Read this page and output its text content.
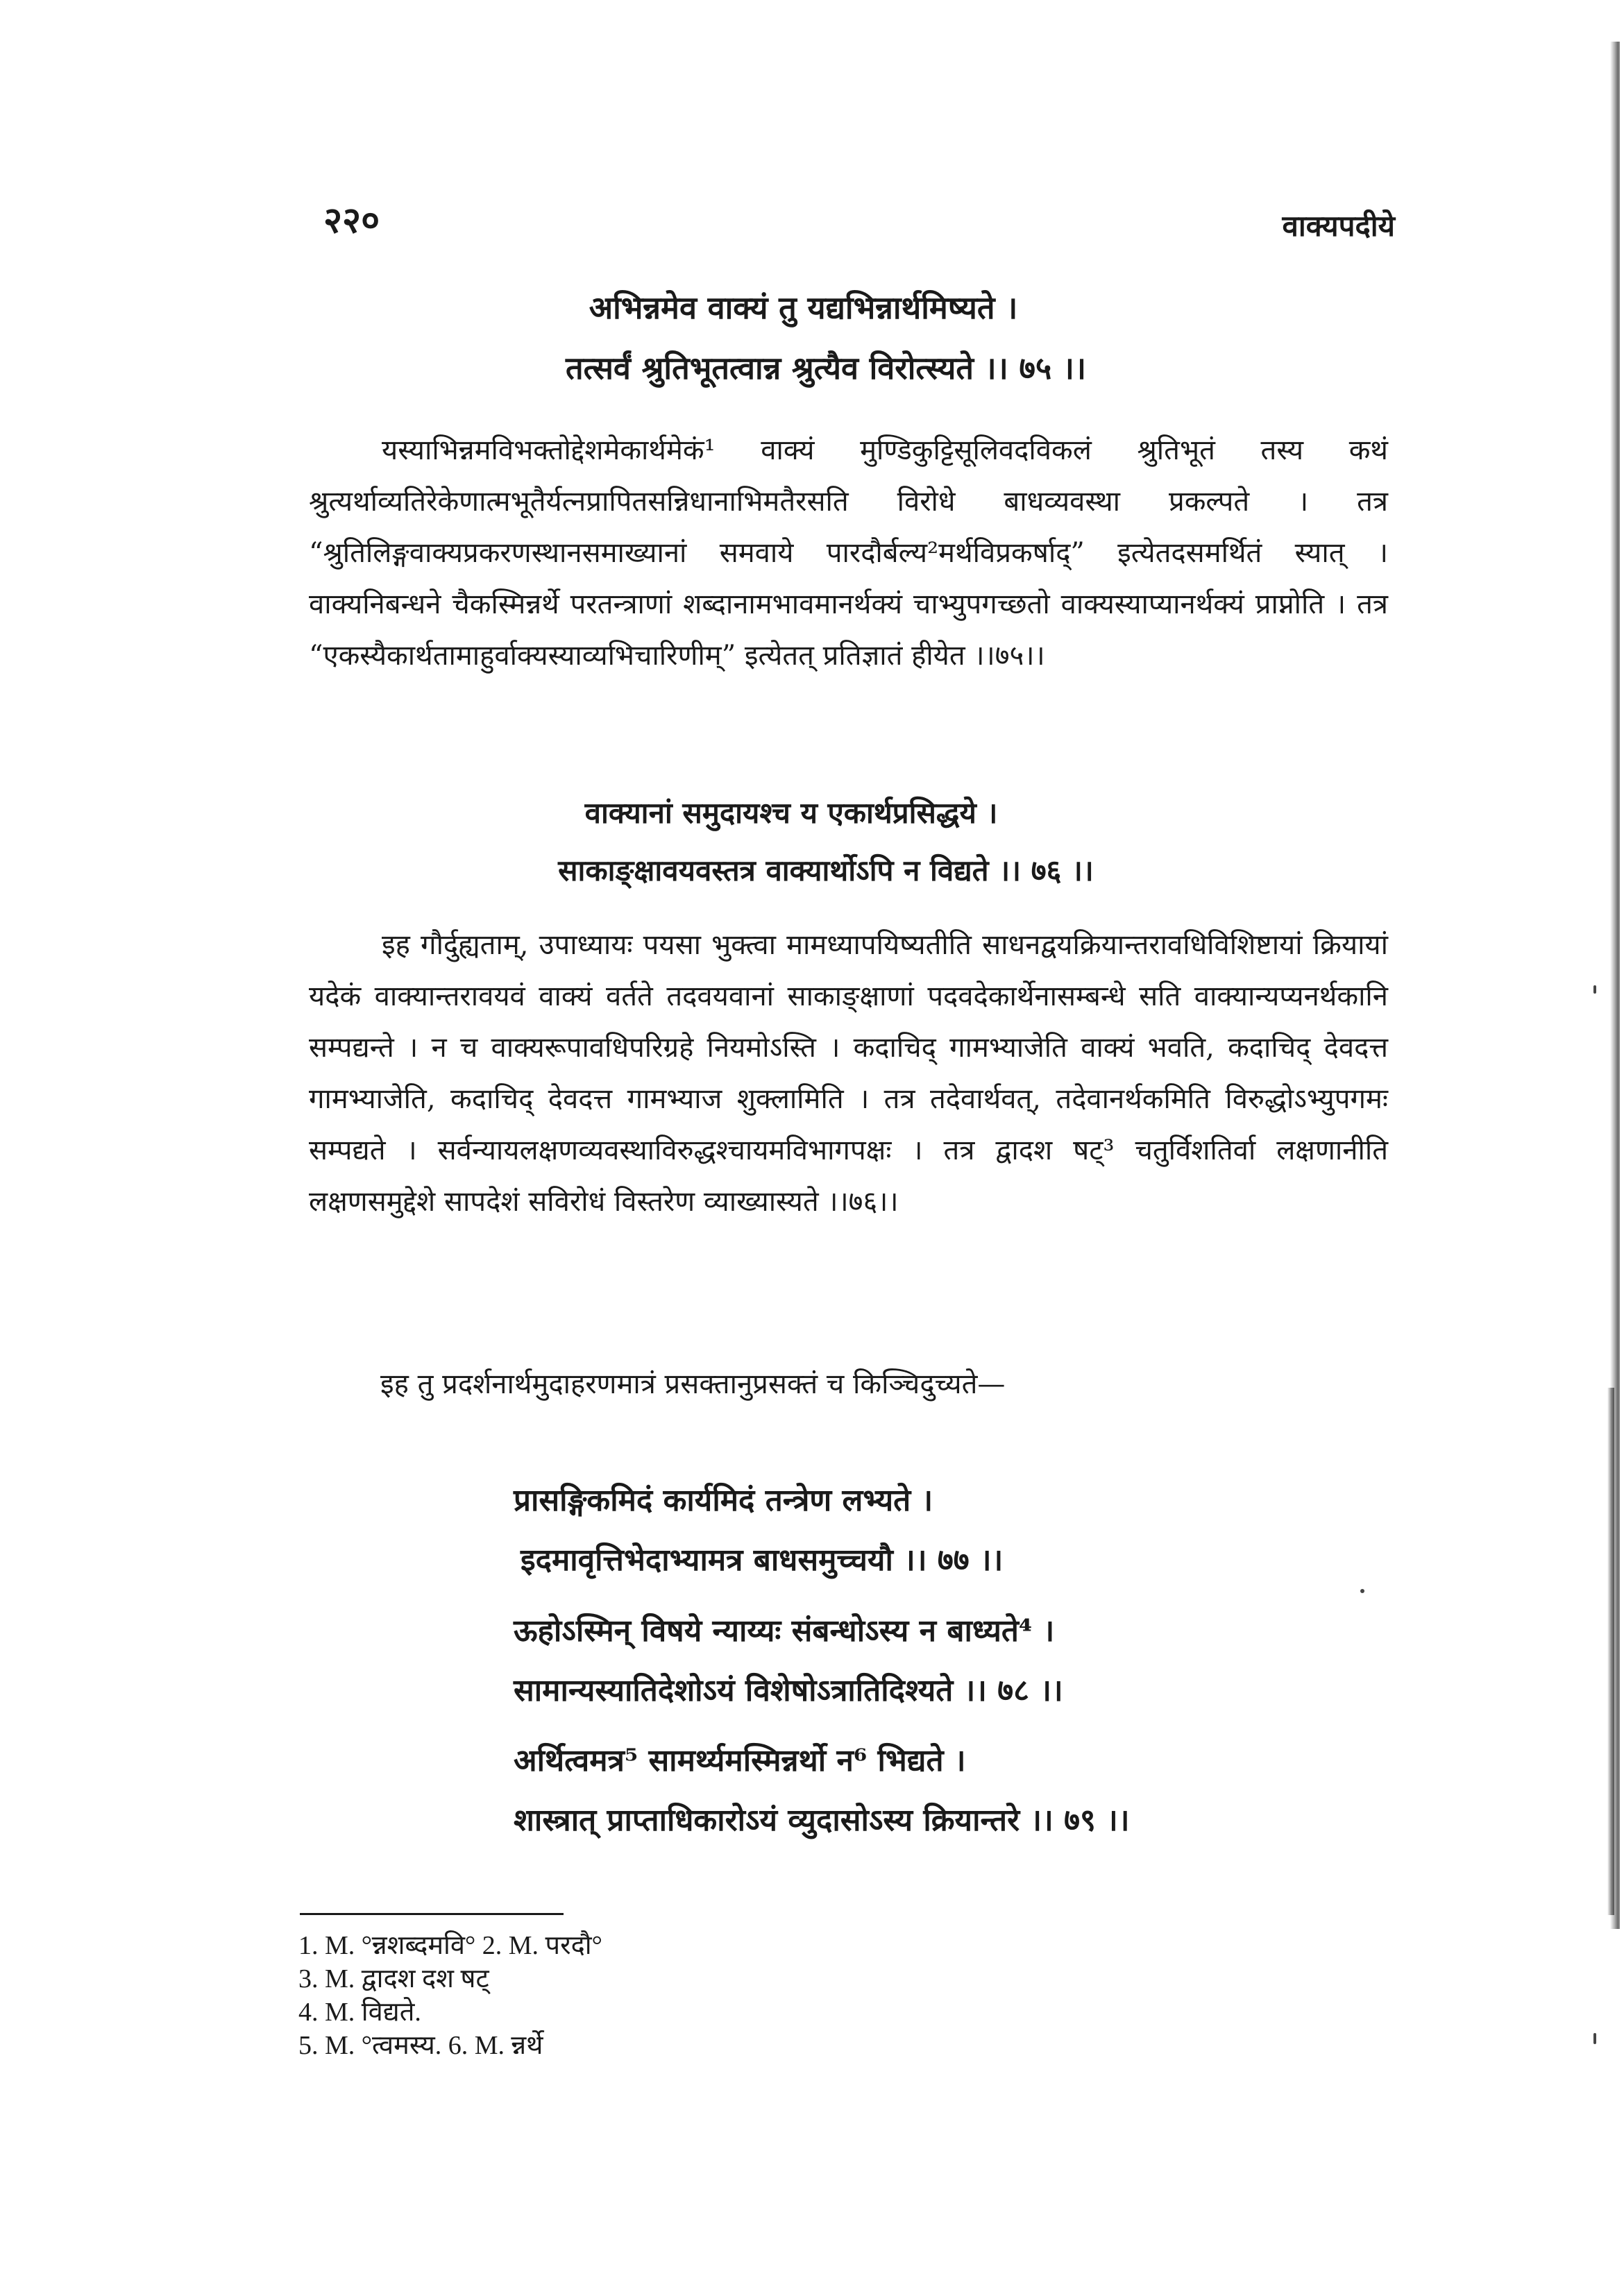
२२०	वाक्यपदीये

अभिन्नमेव वाक्यं तु यद्यभिन्नार्थमिष्यते ।

तत्सर्वं श्रुतिभूतत्वान्न श्रुत्यैव विरोत्स्यते ।। ७५ ।।

यस्याभिन्नमविभक्तोद्देशमेकार्थमेकं¹ वाक्यं मुण्डिकुट्टिसूलिवदविकलं श्रुतिभूतं तस्य कथं श्रुत्यर्थाव्यतिरेकेणात्मभूतैर्यत्नप्रापितसन्निधानाभिमतैरसति विरोधे बाधव्यवस्था प्रकल्पते । तत्र “श्रुतिलिङ्गवाक्यप्रकरणस्थानसमाख्यानां समवाये पारदौर्बल्य²मर्थविप्रकर्षाद्” इत्येतदसमर्थितं स्यात् । वाक्यनिबन्धने चैकस्मिन्नर्थे परतन्त्राणां शब्दानामभावमानर्थक्यं चाभ्युपगच्छतो वाक्यस्याप्यानर्थक्यं प्राप्नोति । तत्र “एकस्यैकार्थतामाहुर्वाक्यस्याव्यभिचारिणीम्” इत्येतत् प्रतिज्ञातं हीयेत ।।७५।।

वाक्यानां समुदायश्च य एकार्थप्रसिद्धये ।

साकाङ्क्षावयवस्तत्र वाक्यार्थोऽपि न विद्यते ।। ७६ ।।

इह गौर्दुह्यताम्, उपाध्यायः पयसा भुक्त्वा मामध्यापयिष्यतीति साधनद्वयक्रियान्तरावधिविशिष्टायां क्रियायां यदेकं वाक्यान्तरावयवं वाक्यं वर्तते तदवयवानां साकाङ्क्षाणां पदवदेकार्थेनासम्बन्धे सति वाक्यान्यप्यनर्थकानि सम्पद्यन्ते । न च वाक्यरूपावधिपरिग्रहे नियमोऽस्ति । कदाचिद् गामभ्याजेति वाक्यं भवति, कदाचिद् देवदत्त गामभ्याजेति, कदाचिद् देवदत्त गामभ्याज शुक्लामिति । तत्र तदेवार्थवत्, तदेवानर्थकमिति विरुद्धोऽभ्युपगमः सम्पद्यते । सर्वन्यायलक्षणव्यवस्थाविरुद्धश्चायमविभागपक्षः । तत्र द्वादश षट्³ चतुर्विशतिर्वा लक्षणानीति लक्षणसमुद्देशे सापदेशं सविरोधं विस्तरेण व्याख्यास्यते ।।७६।।

इह तु प्रदर्शनार्थमुदाहरणमात्रं प्रसक्तानुप्रसक्तं च किञ्चिदुच्यते—

प्रासङ्गिकमिदं कार्यमिदं तन्त्रेण लभ्यते ।

इदमावृत्तिभेदाभ्यामत्र बाधसमुच्चयौ ।। ७७ ।।

ऊहोऽस्मिन् विषये न्याय्यः संबन्धोऽस्य न बाध्यते⁴ ।

सामान्यस्यातिदेशोऽयं विशेषोऽत्रातिदिश्यते ।। ७८ ।।

अर्थित्वमत्र⁵ सामर्थ्यमस्मिन्नर्थो न⁶ भिद्यते ।

शास्त्रात् प्राप्ताधिकारोऽयं व्युदासोऽस्य क्रियान्तरे ।। ७९ ।।

1. M. °न्नशब्दमवि° 2. M. परदौ°

3. M. द्वादश दश षट्

4. M. विद्यते.

5. M. °त्वमस्य. 6. M. न्नर्थे
